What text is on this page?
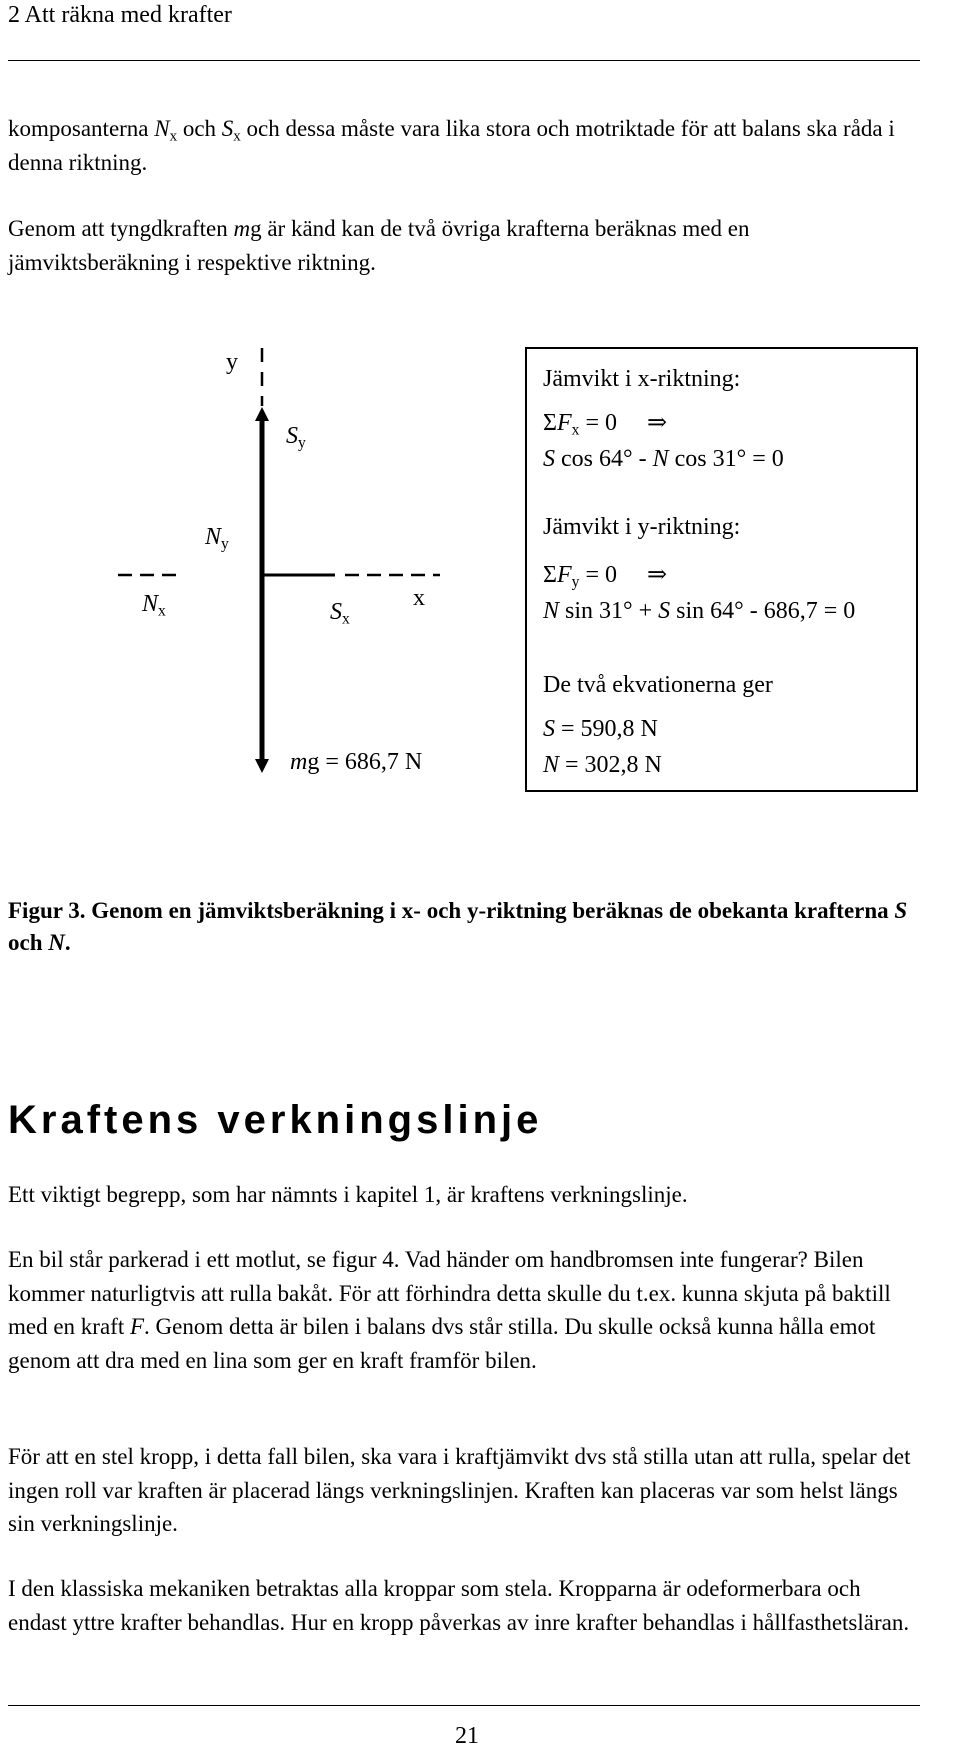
2 Att räkna med krafter
komposanterna $N_x$ och $S_x$ och dessa måste vara lika stora och motriktade för att balans ska råda i denna riktning.
Genom att tyngdkraften mg är känd kan de två övriga krafterna beräknas med en jämviktsberäkning i respektive riktning.
y
$S_y$
$N_y$
$N_x$	$S_x$
x
mg = 686,7 N
Jämvikt i x-riktning:
$\Sigma F_x = 0$ ⇒
S cos 64° - N cos 31° = 0
Jämvikt i y-riktning:
$\Sigma F_y = 0$ ⇒
N sin 31° + S sin 64° - 686,7 = 0
De två ekvationerna ger
S = 590,8 N
N = 302,8 N
Figur 3. Genom en jämviktsberäkning i x- och y-riktning beräknas de obekanta krafterna S och N.
Kraftens verkningslinje
Ett viktigt begrepp, som har nämnts i kapitel 1, är kraftens verkningslinje.
En bil står parkerad i ett motlut, se figur 4. Vad händer om handbromsen inte fungerar? Bilen kommer naturligtvis att rulla bakåt. För att förhindra detta skulle du t.ex. kunna skjuta på baktill med en kraft F. Genom detta är bilen i balans dvs står stilla. Du skulle också kunna hålla emot genom att dra med en lina som ger en kraft framför bilen.
För att en stel kropp, i detta fall bilen, ska vara i kraftjämvikt dvs stå stilla utan att rulla, spelar det ingen roll var kraften är placerad längs verkningslinjen. Kraften kan placeras var som helst längs sin verkningslinje.
I den klassiska mekaniken betraktas alla kroppar som stela. Kropparna är odeformerbara och endast yttre krafter behandlas. Hur en kropp påverkas av inre krafter behandlas i hållfasthetsläran.
21
